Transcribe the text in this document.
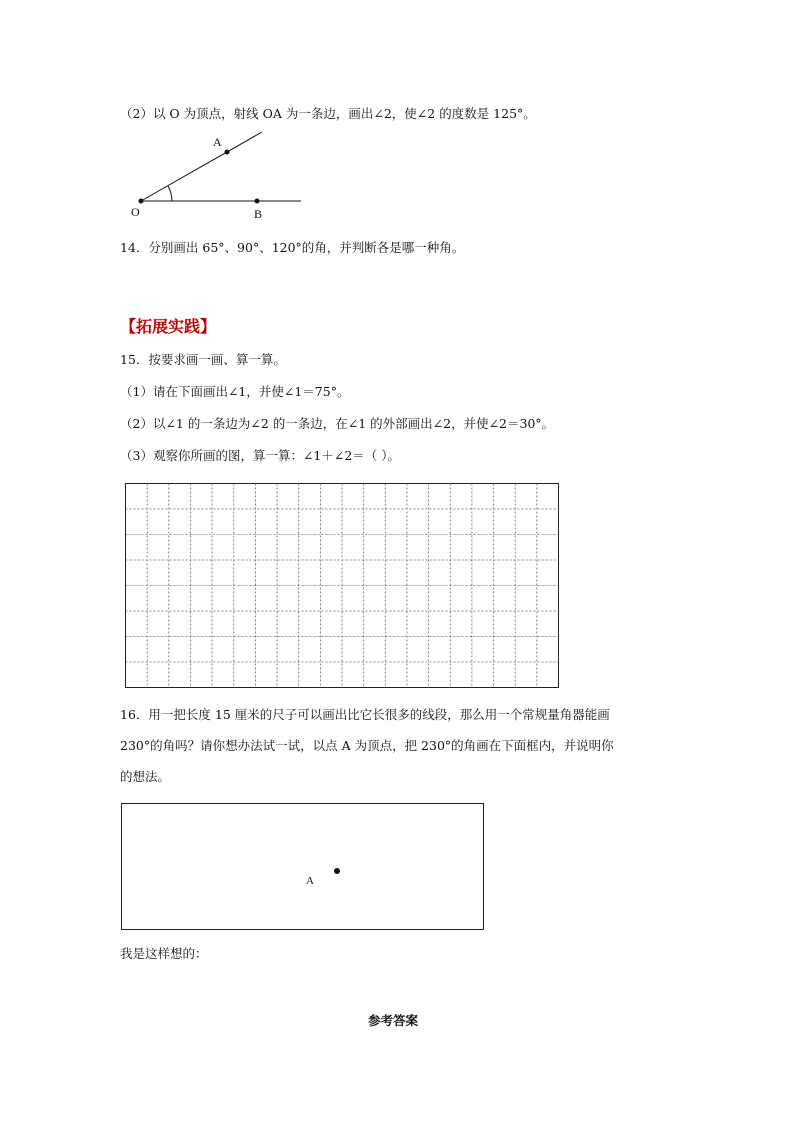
（2）以 O 为顶点，射线 OA 为一条边，画出∠2，使∠2 的度数是 125°。
A
O	B
A
14．分别画出 65°、90°、120°的角，并判断各是哪一种角。
【拓展实践】
15．按要求画一画、算一算。
（1）请在下面画出∠1，并使∠1＝75°。
（2）以∠1 的一条边为∠2 的一条边，在∠1 的外部画出∠2，并使∠2＝30°。
（3）观察你所画的图，算一算：∠1＋∠2＝（ ）。
16．用一把长度 15 厘米的尺子可以画出比它长很多的线段，那么用一个常规量角器能画
230°的角吗？请你想办法试一试，以点 A 为顶点，把 230°的角画在下面框内，并说明你
的想法。
我是这样想的：
参考答案
